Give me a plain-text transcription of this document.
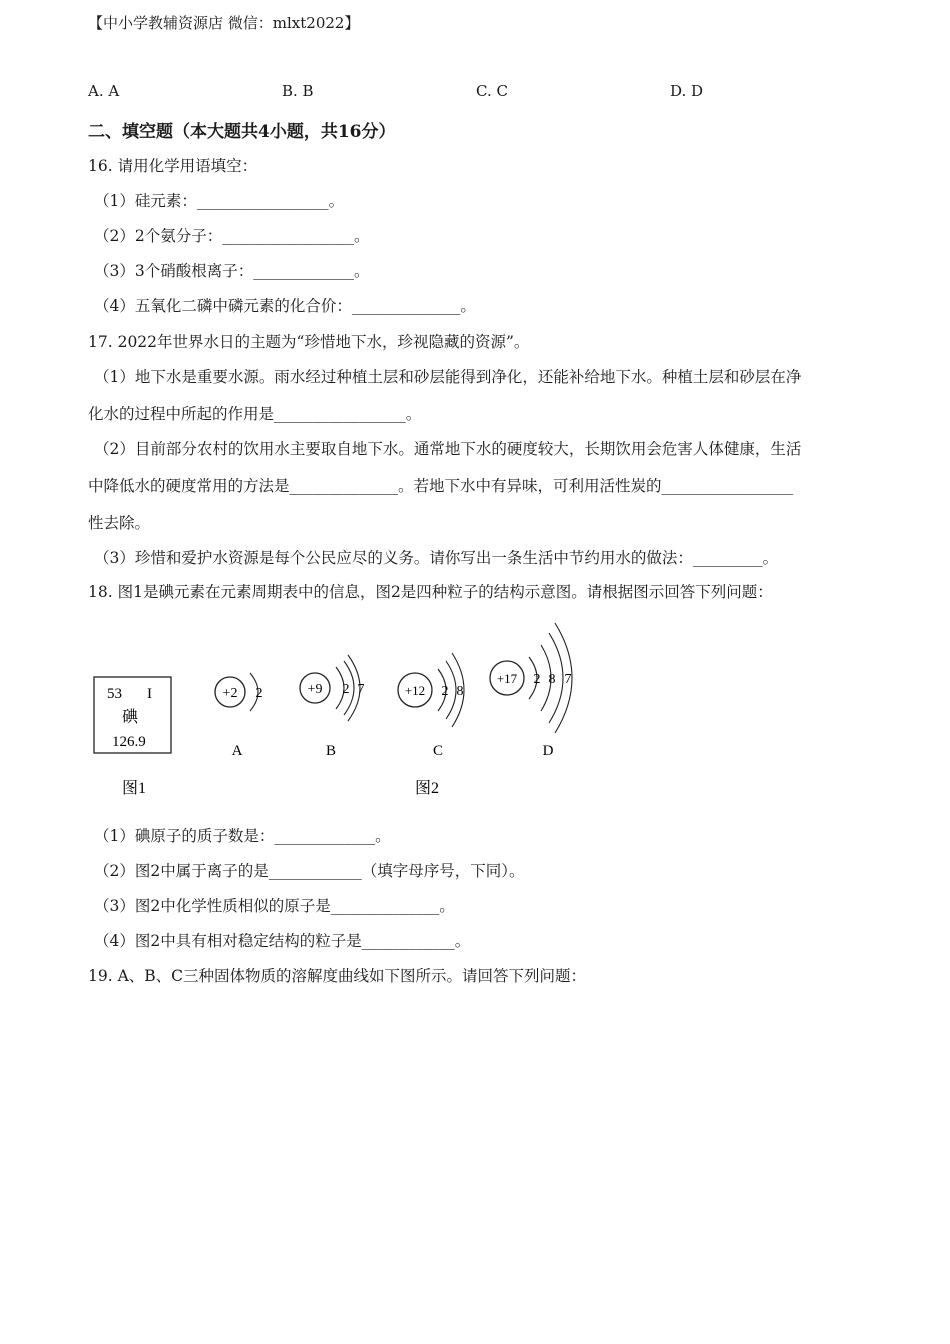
【中小学教辅资源店 微信：mlxt2022】
A. A	B. B	C. C	D. D
二、填空题（本大题共4小题，共16分）
16. 请用化学用语填空：
（1）硅元素：_________________。
（2）2个氨分子：_________________。
（3）3个硝酸根离子：_____________。
（4）五氧化二磷中磷元素的化合价：______________。
17. 2022年世界水日的主题为“珍惜地下水，珍视隐藏的资源”。
（1）地下水是重要水源。雨水经过种植土层和砂层能得到净化，还能补给地下水。种植土层和砂层在净
化水的过程中所起的作用是_________________。
（2）目前部分农村的饮用水主要取自地下水。通常地下水的硬度较大，长期饮用会危害人体健康，生活
中降低水的硬度常用的方法是______________。若地下水中有异味，可利用活性炭的_________________
性去除。
（3）珍惜和爱护水资源是每个公民应尽的义务。请你写出一条生活中节约用水的做法：_________。
18. 图1是碘元素在元素周期表中的信息，图2是四种粒子的结构示意图。请根据图示回答下列问题：
53 I
碘
126.9
图1
+2 2
A
+9 2 7
B
+12 2 8
C
+17 2 8 7
D
图2
（1）碘原子的质子数是：_____________。
（2）图2中属于离子的是____________（填字母序号，下同）。
（3）图2中化学性质相似的原子是______________。
（4）图2中具有相对稳定结构的粒子是____________。
19. A、B、C三种固体物质的溶解度曲线如下图所示。请回答下列问题：
